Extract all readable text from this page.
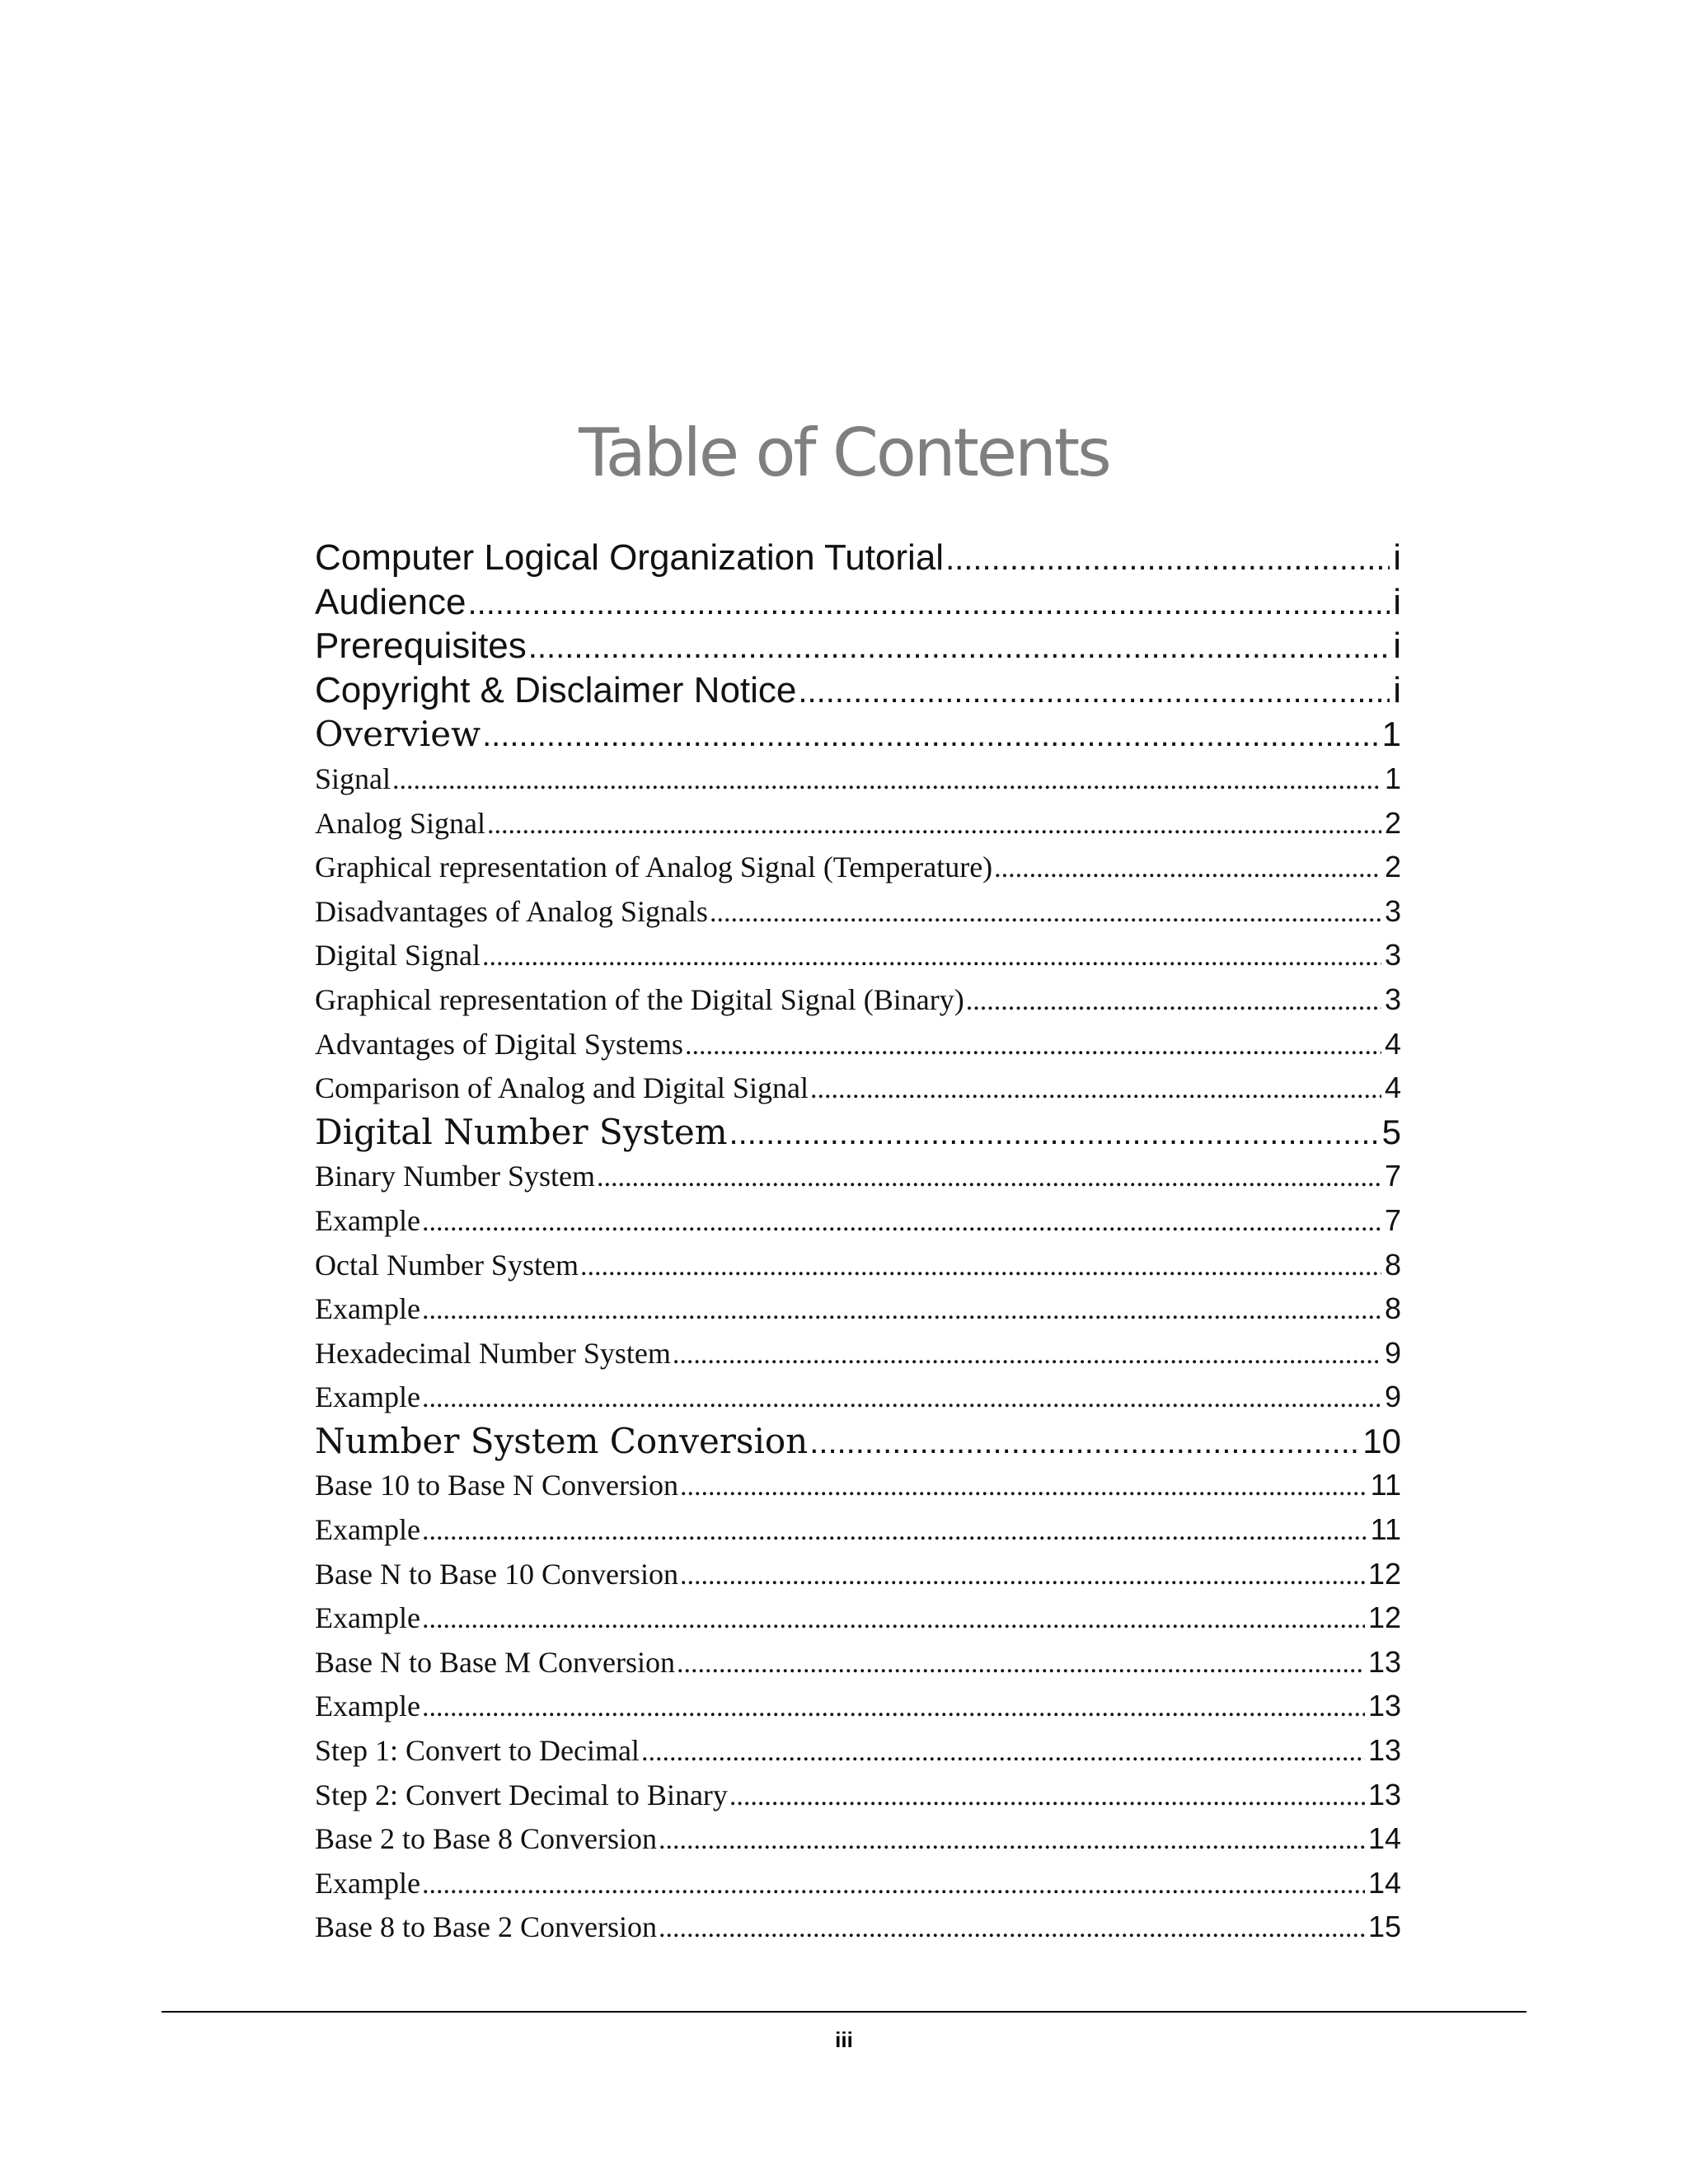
Table of Contents
Computer Logical Organization Tutorial .....	i
Audience .....	i
Prerequisites .....	i
Copyright & Disclaimer Notice .....	i
Overview .....	1
Signal .....	1
Analog Signal .....	2
Graphical representation of Analog Signal (Temperature) .....	2
Disadvantages of Analog Signals .....	3
Digital Signal .....	3
Graphical representation of the Digital Signal (Binary) .....	3
Advantages of Digital Systems .....	4
Comparison of Analog and Digital Signal .....	4
Digital Number System .....	5
Binary Number System .....	7
Example .....	7
Octal Number System .....	8
Example .....	8
Hexadecimal Number System .....	9
Example .....	9
Number System Conversion .....	10
Base 10 to Base N Conversion .....	11
Example .....	11
Base N to Base 10 Conversion .....	12
Example .....	12
Base N to Base M Conversion .....	13
Example .....	13
Step 1: Convert to Decimal .....	13
Step 2: Convert Decimal to Binary .....	13
Base 2 to Base 8 Conversion .....	14
Example .....	14
Base 8 to Base 2 Conversion .....	15
iii
